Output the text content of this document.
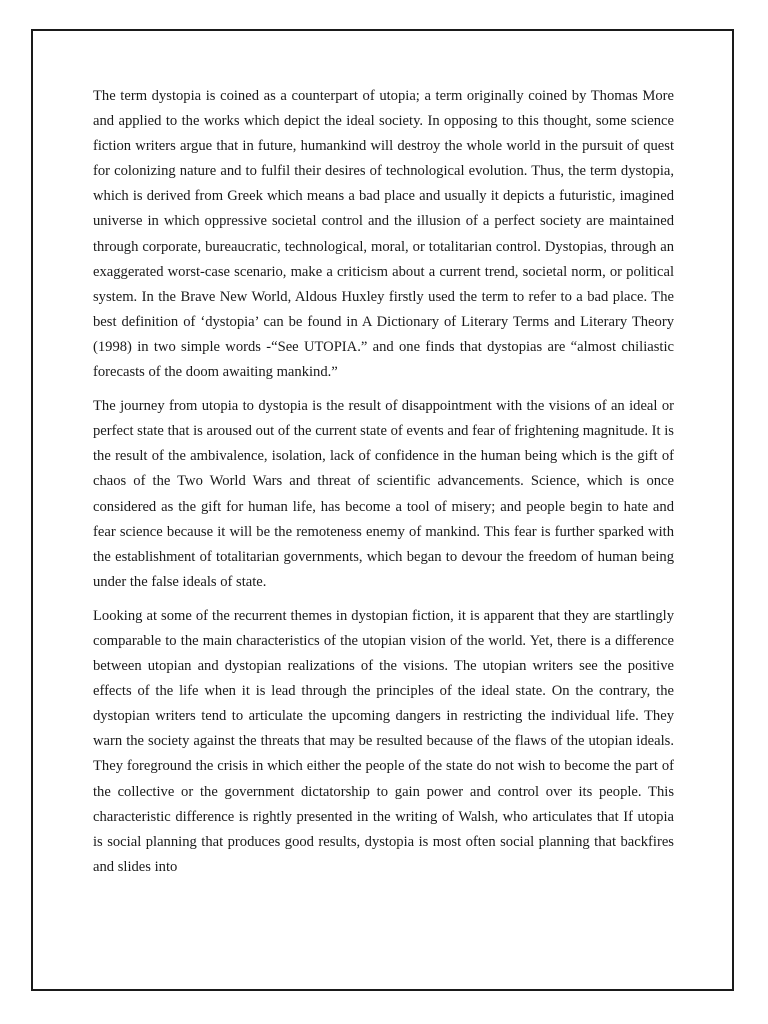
The term dystopia is coined as a counterpart of utopia; a term originally coined by Thomas More and applied to the works which depict the ideal society. In opposing to this thought, some science fiction writers argue that in future, humankind will destroy the whole world in the pursuit of quest for colonizing nature and to fulfil their desires of technological evolution. Thus, the term dystopia, which is derived from Greek which means a bad place and usually it depicts a futuristic, imagined universe in which oppressive societal control and the illusion of a perfect society are maintained through corporate, bureaucratic, technological, moral, or totalitarian control. Dystopias, through an exaggerated worst-case scenario, make a criticism about a current trend, societal norm, or political system. In the Brave New World, Aldous Huxley firstly used the term to refer to a bad place. The best definition of ‘dystopia’ can be found in A Dictionary of Literary Terms and Literary Theory (1998) in two simple words -“See UTOPIA.” and one finds that dystopias are “almost chiliastic forecasts of the doom awaiting mankind.”

The journey from utopia to dystopia is the result of disappointment with the visions of an ideal or perfect state that is aroused out of the current state of events and fear of frightening magnitude. It is the result of the ambivalence, isolation, lack of confidence in the human being which is the gift of chaos of the Two World Wars and threat of scientific advancements. Science, which is once considered as the gift for human life, has become a tool of misery; and people begin to hate and fear science because it will be the remoteness enemy of mankind. This fear is further sparked with the establishment of totalitarian governments, which began to devour the freedom of human being under the false ideals of state.

Looking at some of the recurrent themes in dystopian fiction, it is apparent that they are startlingly comparable to the main characteristics of the utopian vision of the world. Yet, there is a difference between utopian and dystopian realizations of the visions. The utopian writers see the positive effects of the life when it is lead through the principles of the ideal state. On the contrary, the dystopian writers tend to articulate the upcoming dangers in restricting the individual life. They warn the society against the threats that may be resulted because of the flaws of the utopian ideals. They foreground the crisis in which either the people of the state do not wish to become the part of the collective or the government dictatorship to gain power and control over its people. This characteristic difference is rightly presented in the writing of Walsh, who articulates that If utopia is social planning that produces good results, dystopia is most often social planning that backfires and slides into
